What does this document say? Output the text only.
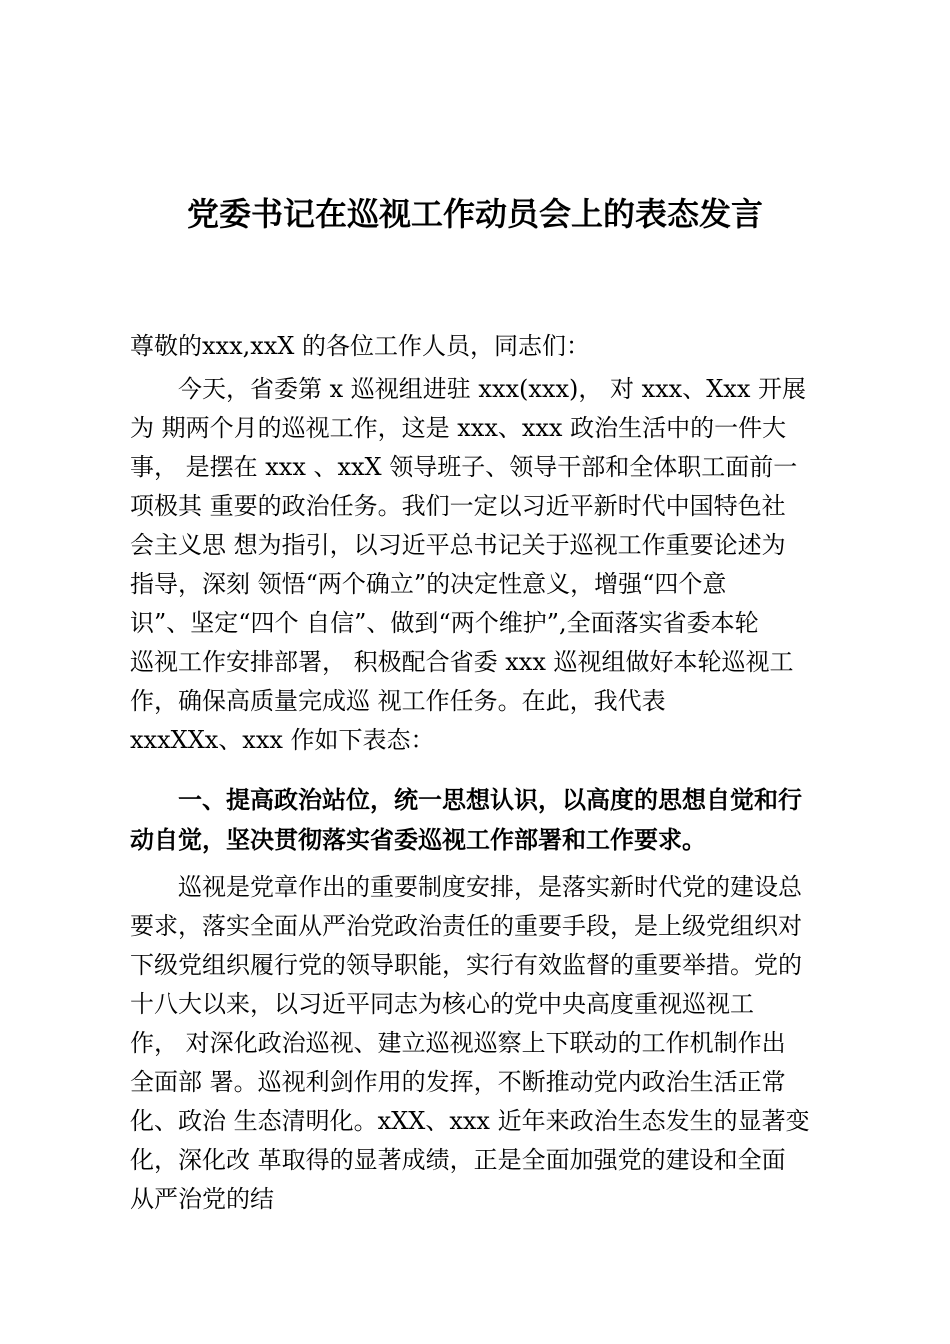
党委书记在巡视工作动员会上的表态发言
尊敬的xxx,xxX 的各位工作人员，同志们：
今天，省委第 x 巡视组进驻 xxx(xxx)， 对 xxx、Xxx 开展
为 期两个月的巡视工作，这是 xxx、xxx 政治生活中的一件大
事， 是摆在 xxx 、xxX 领导班子、领导干部和全体职工面前一
项极其 重要的政治任务。我们一定以习近平新时代中国特色社
会主义思 想为指引，以习近平总书记关于巡视工作重要论述为
指导，深刻 领悟“两个确立”的决定性意义，增强“四个意
识”、坚定“四个 自信”、做到“两个维护”,全面落实省委本轮
巡视工作安排部署， 积极配合省委 xxx 巡视组做好本轮巡视工
作，确保高质量完成巡 视工作任务。在此，我代表
xxxXXx、xxx 作如下表态：
一、提高政治站位，统一思想认识，以高度的思想自觉和行
动自觉，坚决贯彻落实省委巡视工作部署和工作要求。
巡视是党章作出的重要制度安排，是落实新时代党的建设总
要求，落实全面从严治党政治责任的重要手段，是上级党组织对
下级党组织履行党的领导职能，实行有效监督的重要举措。党的
十八大以来，以习近平同志为核心的党中央高度重视巡视工
作， 对深化政治巡视、建立巡视巡察上下联动的工作机制作出
全面部 署。巡视利剑作用的发挥，不断推动党内政治生活正常
化、政治 生态清明化。xXX、xxx 近年来政治生态发生的显著变
化，深化改 革取得的显著成绩，正是全面加强党的建设和全面
从严治党的结
